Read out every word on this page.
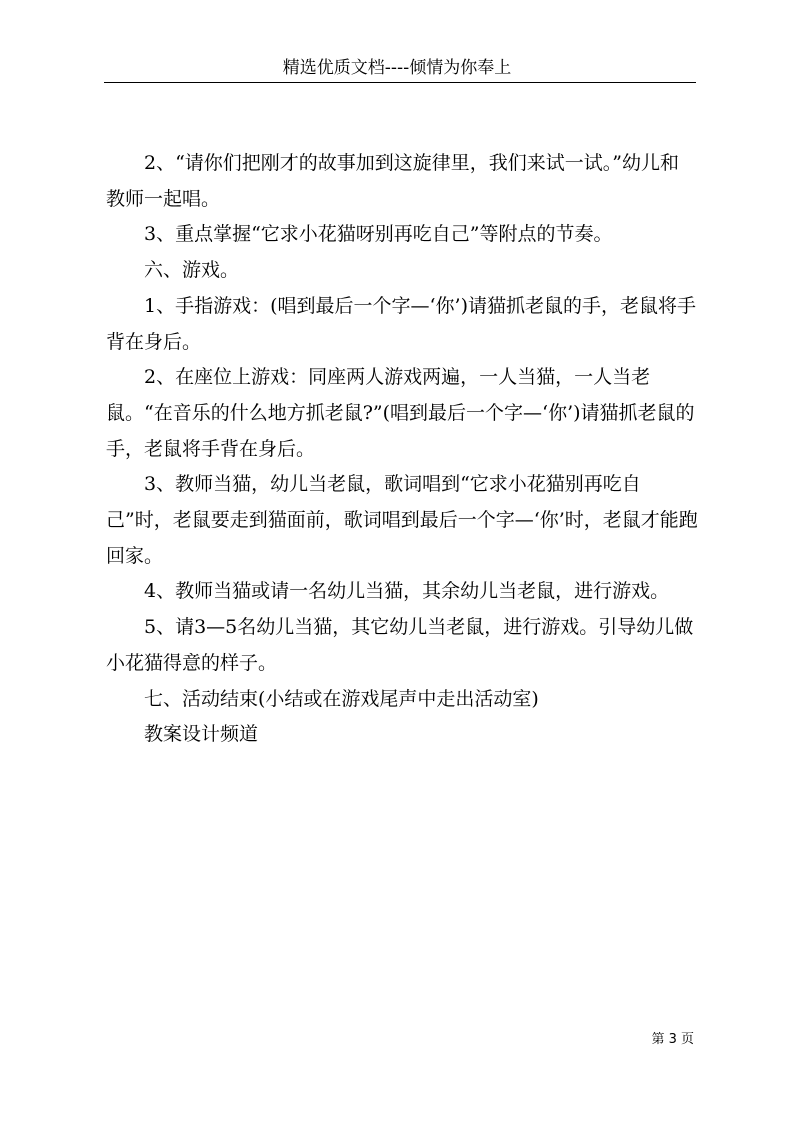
精选优质文档----倾情为你奉上

2、“请你们把刚才的故事加到这旋律里，我们来试一试。”幼儿和教师一起唱。

3、重点掌握“它求小花猫呀别再吃自己”等附点的节奏。

六、游戏。

1、手指游戏：(唱到最后一个字—‘你’)请猫抓老鼠的手，老鼠将手背在身后。

2、在座位上游戏：同座两人游戏两遍，一人当猫，一人当老鼠。“在音乐的什么地方抓老鼠?”(唱到最后一个字—‘你’)请猫抓老鼠的手，老鼠将手背在身后。

3、教师当猫，幼儿当老鼠，歌词唱到“它求小花猫别再吃自己”时，老鼠要走到猫面前，歌词唱到最后一个字—‘你’时，老鼠才能跑回家。

4、教师当猫或请一名幼儿当猫，其余幼儿当老鼠，进行游戏。

5、请3—5名幼儿当猫，其它幼儿当老鼠，进行游戏。引导幼儿做小花猫得意的样子。

七、活动结束(小结或在游戏尾声中走出活动室)

教案设计频道

第 3 页
